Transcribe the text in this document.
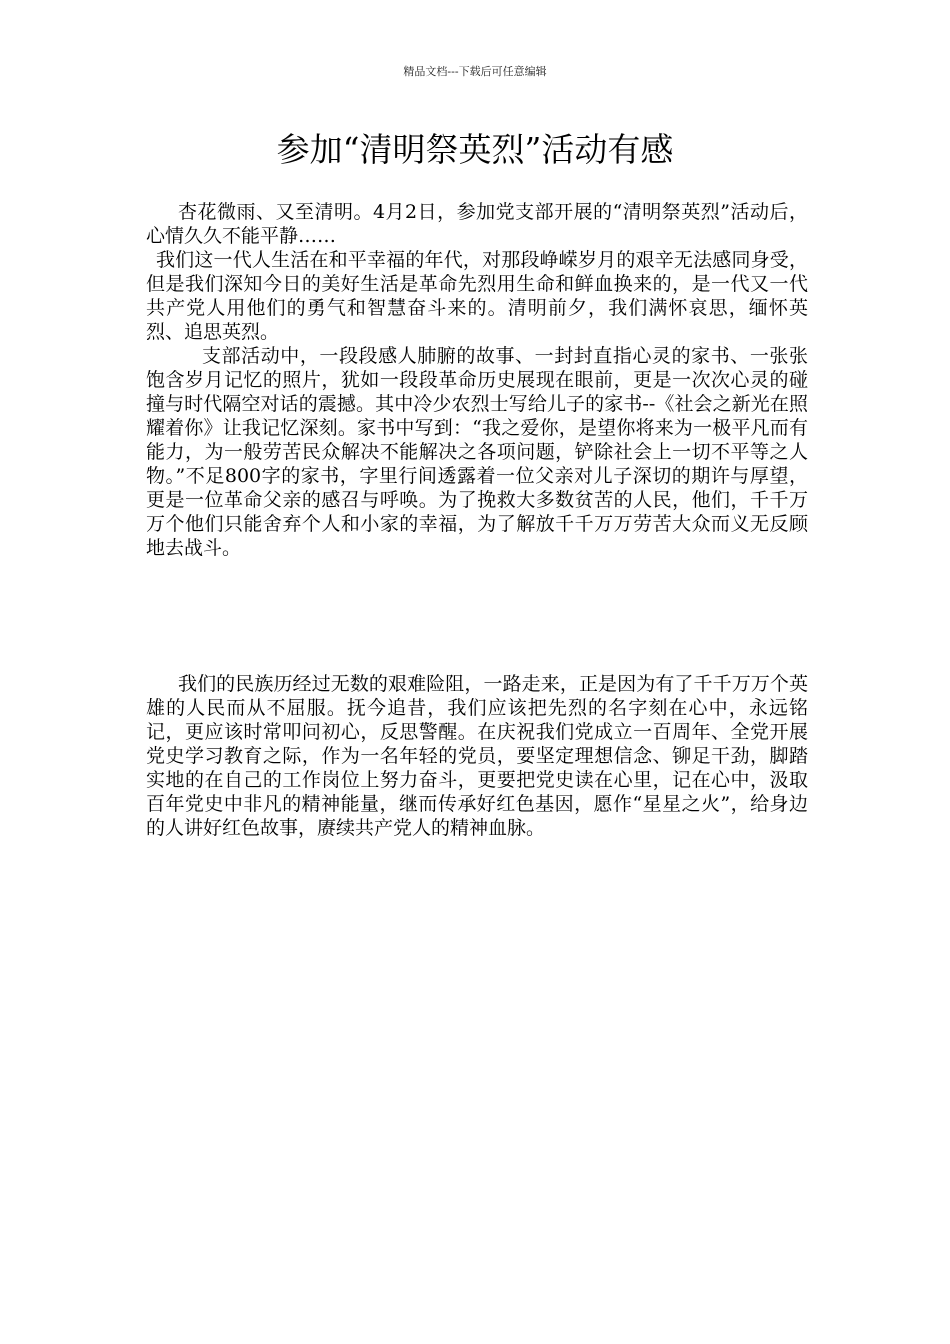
精品文档---下载后可任意编辑
参加“清明祭英烈”活动有感

杏花微雨、又至清明。4月2日，参加党支部开展的“清明祭英烈”活动后，心情久久不能平静……

我们这一代人生活在和平幸福的年代，对那段峥嵘岁月的艰辛无法感同身受，但是我们深知今日的美好生活是革命先烈用生命和鲜血换来的，是一代又一代共产党人用他们的勇气和智慧奋斗来的。清明前夕，我们满怀哀思，缅怀英烈、追思英烈。

支部活动中，一段段感人肺腑的故事、一封封直指心灵的家书、一张张饱含岁月记忆的照片，犹如一段段革命历史展现在眼前，更是一次次心灵的碰撞与时代隔空对话的震撼。其中冷少农烈士写给儿子的家书--《社会之新光在照耀着你》让我记忆深刻。家书中写到：“我之爱你，是望你将来为一极平凡而有能力，为一般劳苦民众解决不能解决之各项问题，铲除社会上一切不平等之人物。”不足800字的家书，字里行间透露着一位父亲对儿子深切的期许与厚望，更是一位革命父亲的感召与呼唤。为了挽救大多数贫苦的人民，他们，千千万万个他们只能舍弃个人和小家的幸福，为了解放千千万万劳苦大众而义无反顾地去战斗。

我们的民族历经过无数的艰难险阻，一路走来，正是因为有了千千万万个英雄的人民而从不屈服。抚今追昔，我们应该把先烈的名字刻在心中，永远铭记，更应该时常叩问初心，反思警醒。在庆祝我们党成立一百周年、全党开展党史学习教育之际，作为一名年轻的党员，要坚定理想信念、铆足干劲，脚踏实地的在自己的工作岗位上努力奋斗，更要把党史读在心里，记在心中，汲取百年党史中非凡的精神能量，继而传承好红色基因，愿作“星星之火”，给身边的人讲好红色故事，赓续共产党人的精神血脉。
